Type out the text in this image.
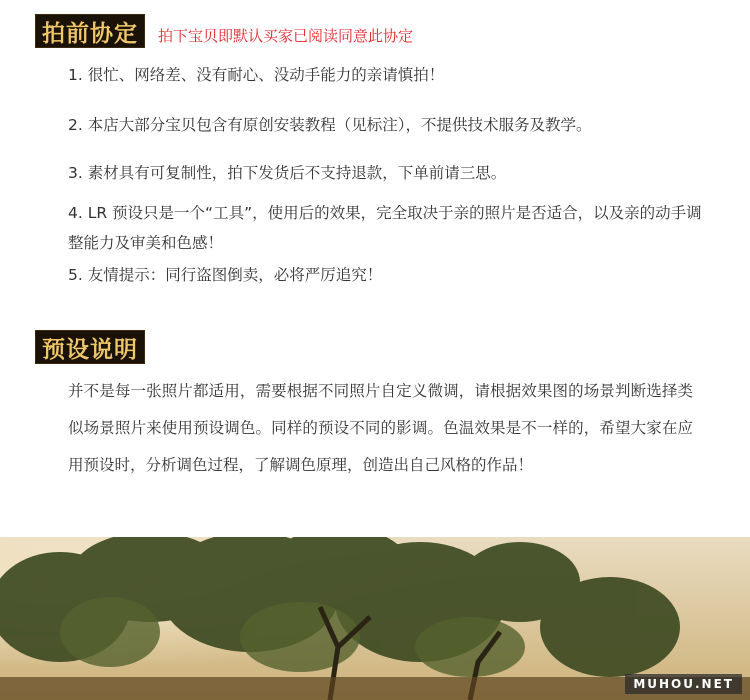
拍前协定	拍下宝贝即默认买家已阅读同意此协定
1. 很忙、网络差、没有耐心、没动手能力的亲请慎拍！
2. 本店大部分宝贝包含有原创安装教程（见标注），不提供技术服务及教学。
3. 素材具有可复制性，拍下发货后不支持退款，下单前请三思。
4. LR 预设只是一个“工具”，使用后的效果，完全取决于亲的照片是否适合，以及亲的动手调整能力及审美和色感！
5. 友情提示：同行盗图倒卖，必将严厉追究！
预设说明
并不是每一张照片都适用，需要根据不同照片自定义微调，请根据效果图的场景判断选择类似场景照片来使用预设调色。同样的预设不同的影调。色温效果是不一样的，希望大家在应用预设时，分析调色过程，了解调色原理，创造出自己风格的作品！
MUHOU.NET
